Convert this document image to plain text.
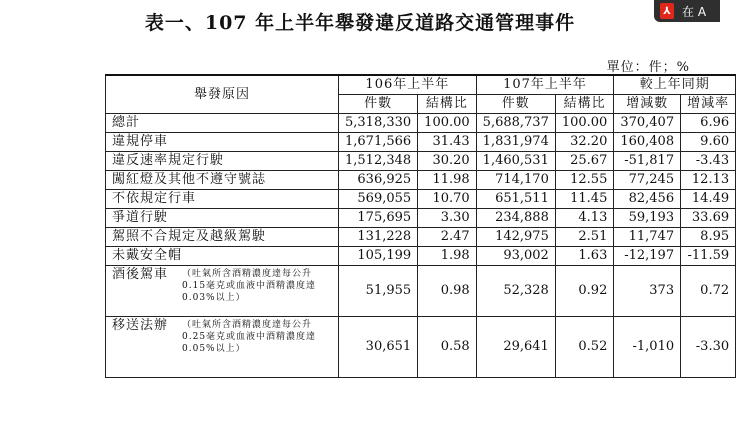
表一、107 年上半年舉發違反道路交通管理事件
⅄ 在 A
單位：件；%
舉發原因	106年上半年		107年上半年		較上年同期	
	件數	結構比	件數	結構比	增減數	增減率
總計	5,318,330	100.00	5,688,737	100.00	370,407	6.96
違規停車	1,671,566	31.43	1,831,974	32.20	160,408	9.60
違反速率規定行駛	1,512,348	30.20	1,460,531	25.67	-51,817	-3.43
闖紅燈及其他不遵守號誌	636,925	11.98	714,170	12.55	77,245	12.13
不依規定行車	569,055	10.70	651,511	11.45	82,456	14.49
爭道行駛	175,695	3.30	234,888	4.13	59,193	33.69
駕照不合規定及越級駕駛	131,228	2.47	142,975	2.51	11,747	8.95
未戴安全帽	105,199	1.98	93,002	1.63	-12,197	-11.59

酒後駕車 （吐氣所含酒精濃度達每公升0.15毫克或血液中酒精濃度達0.03%以上）	51,955	0.98	52,328	0.92	373	0.72

移送法辦 （吐氣所含酒精濃度達每公升0.25毫克或血液中酒精濃度達0.05%以上）	30,651	0.58	29,641	0.52	-1,010	-3.30
